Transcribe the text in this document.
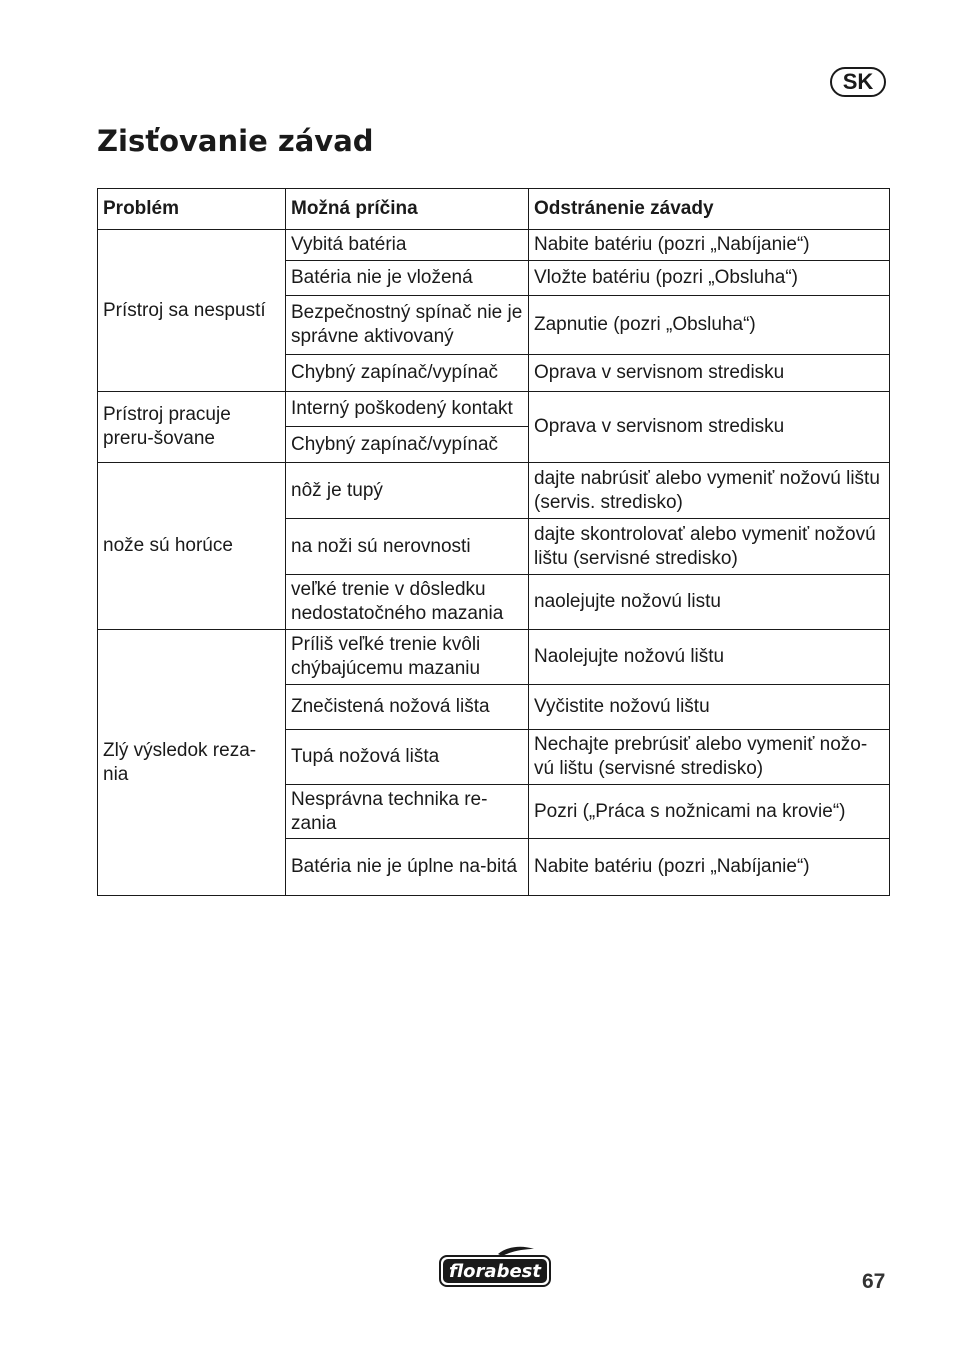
SK
Zisťovanie závad
Problém	Možná príčina	Odstránenie závady
Prístroj sa nespustí	Vybitá batéria	Nabite batériu (pozri „Nabíjanie“)
	Batéria nie je vložená	Vložte batériu (pozri „Obsluha“)
	Bezpečnostný spínač nie je správne aktivovaný	Zapnutie (pozri „Obsluha“)
	Chybný zapínač/vypínač	Oprava v servisnom stredisku
Prístroj pracuje preru-šovane	Interný poškodený kontakt	Oprava v servisnom stredisku
	Chybný zapínač/vypínač	
nože sú horúce	nôž je tupý	dajte nabrúsiť alebo vymeniť nožovú lištu (servis. stredisko)
	na noži sú nerovnosti	dajte skontrolovať alebo vymeniť nožovú lištu (servisné stredisko)
	veľké trenie v dôsledku nedostatočného mazania	naolejujte nožovú listu
Zlý výsledok reza-nia	Príliš veľké trenie kvôli chýbajúcemu mazaniu	Naolejujte nožovú lištu
	Znečistená nožová lišta	Vyčistite nožovú lištu
	Tupá nožová lišta	Nechajte prebrúsiť alebo vymeniť nožo-vú lištu (servisné stredisko)
	Nesprávna technika re-zania	Pozri („Práca s nožnicami na krovie“)
	Batéria nie je úplne na-bitá	Nabite batériu (pozri „Nabíjanie“)
florabest	67
